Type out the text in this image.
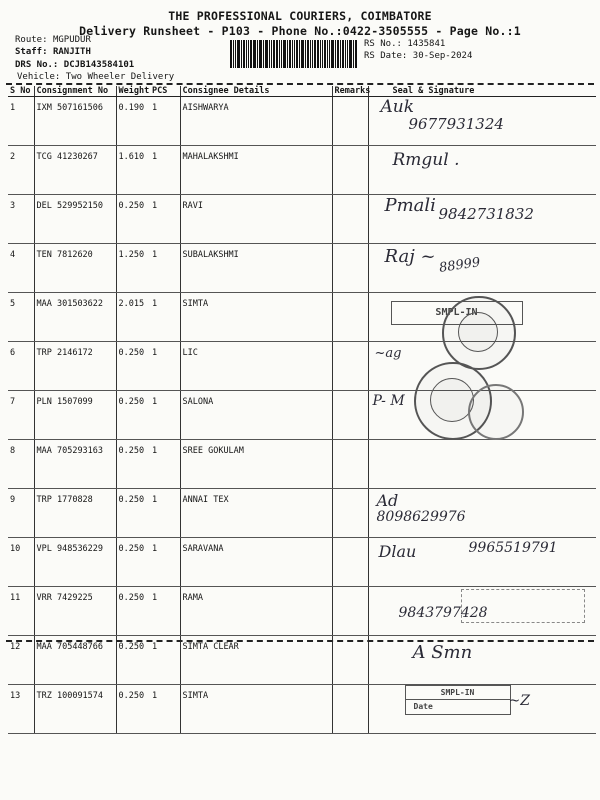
THE PROFESSIONAL COURIERS, COIMBATORE
Delivery Runsheet - P103 - Phone No.:0422-3505555 - Page No.:1
Route: MGPUDUR
Staff: RANJITH
DRS No.: DCJB143584101
Vehicle: Two Wheeler Delivery
RS No.: 1435841
RS Date: 30-Sep-2024
S No	Consignment No	Weight	PCS	Consignee Details	Remarks	Seal & Signature
1	IXM 507161506	0.190	1	AISHWARYA		Auk
9677931324

2	TCG 41230267	1.610	1	MAHALAKSHMI		Rmgul .

3	DEL 529952150	0.250	1	RAVI		Pmali 9842731832

4	TEN 7812620	1.250	1	SUBALAKSHMI		Raj ~ 88999

5	MAA 301503622	2.015	1	SIMTA		SMPL-IN

6	TRP 2146172	0.250	1	LIC		~ag

7	PLN 1507099	0.250	1	SALONA		P- M

8	MAA 705293163	0.250	1	SREE GOKULAM		
9	TRP 1770828	0.250	1	ANNAI TEX		Ad
8098629976

10	VPL 948536229	0.250	1	SARAVANA		Dlau 9965519791

11	VRR 7429225	0.250	1	RAMA		9843797428

12	MAA 705448766	0.250	1	SIMTA CLEAR		A Smn

13	TRZ 100091574	0.250	1	SIMTA		SMPL-IN
Date ~Z
